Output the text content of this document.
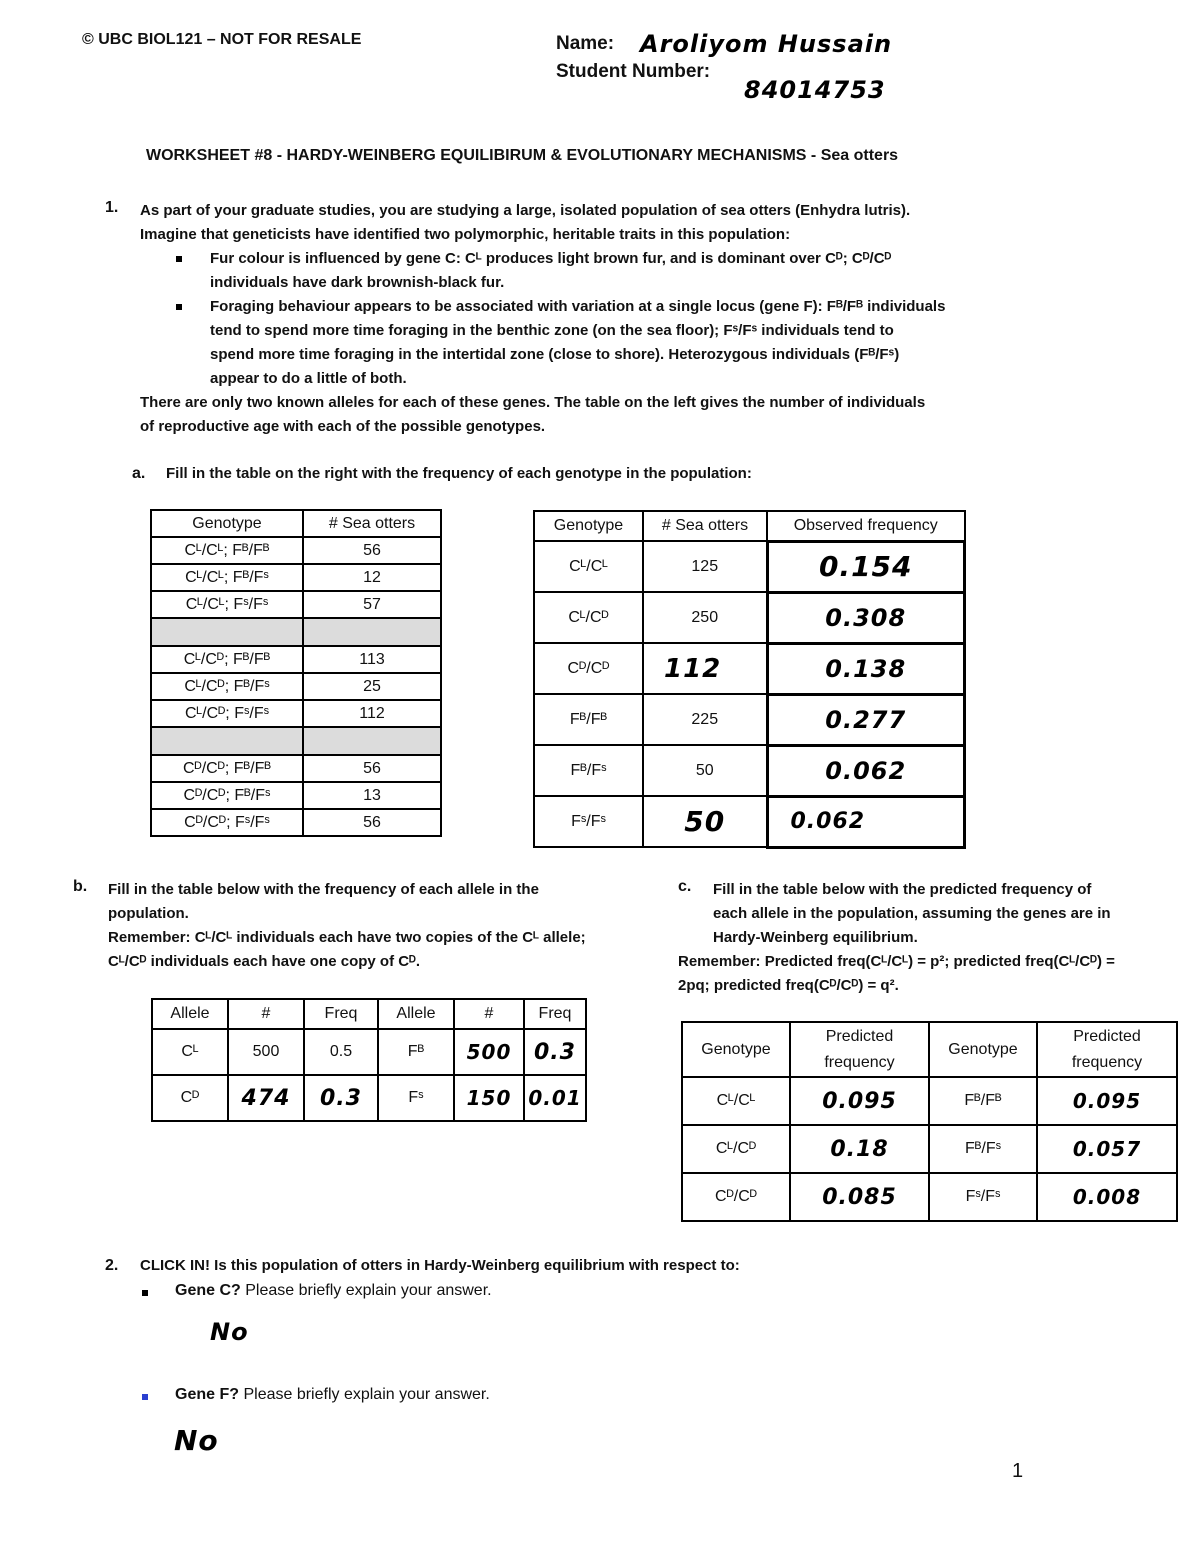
© UBC BIOL121 – NOT FOR RESALE	Name: Aroliyom Hussain
Student Number:
84014753
WORKSHEET #8 - HARDY-WEINBERG EQUILIBIRUM & EVOLUTIONARY MECHANISMS - Sea otters
1. As part of your graduate studies, you are studying a large, isolated population of sea otters (Enhydra lutris).
Imagine that geneticists have identified two polymorphic, heritable traits in this population:
Fur colour is influenced by gene C: Cᴸ produces light brown fur, and is dominant over Cᴰ; Cᴰ/Cᴰ
individuals have dark brownish-black fur.
Foraging behaviour appears to be associated with variation at a single locus (gene F): Fᴮ/Fᴮ individuals
tend to spend more time foraging in the benthic zone (on the sea floor); Fˢ/Fˢ individuals tend to
spend more time foraging in the intertidal zone (close to shore). Heterozygous individuals (Fᴮ/Fˢ)
appear to do a little of both.
There are only two known alleles for each of these genes. The table on the left gives the number of individuals
of reproductive age with each of the possible genotypes.
a. Fill in the table on the right with the frequency of each genotype in the population:
Genotype	# Sea otters
Cᴸ/Cᴸ; Fᴮ/Fᴮ	56
Cᴸ/Cᴸ; Fᴮ/Fˢ	12
Cᴸ/Cᴸ; Fˢ/Fˢ	57

Cᴸ/Cᴰ; Fᴮ/Fᴮ	113
Cᴸ/Cᴰ; Fᴮ/Fˢ	25
Cᴸ/Cᴰ; Fˢ/Fˢ	112

Cᴰ/Cᴰ; Fᴮ/Fᴮ	56
Cᴰ/Cᴰ; Fᴮ/Fˢ	13
Cᴰ/Cᴰ; Fˢ/Fˢ	56
Genotype	# Sea otters	Observed frequency
Cᴸ/Cᴸ	125	0.154
Cᴸ/Cᴰ	250	0.308
Cᴰ/Cᴰ	112	0.138
Fᴮ/Fᴮ	225	0.277
Fᴮ/Fˢ	50	0.062
Fˢ/Fˢ	50	0.062
b. Fill in the table below with the frequency of each allele in the
population.
Remember: Cᴸ/Cᴸ individuals each have two copies of the Cᴸ allele;
Cᴸ/Cᴰ individuals each have one copy of Cᴰ.
Allele	#	Freq	Allele	#	Freq
Cᴸ	500	0.5	Fᴮ	500	0.3
Cᴰ	474	0.3	Fˢ	150	0.01
c. Fill in the table below with the predicted frequency of
each allele in the population, assuming the genes are in
Hardy-Weinberg equilibrium.
Remember: Predicted freq(Cᴸ/Cᴸ) = p²; predicted freq(Cᴸ/Cᴰ) =
2pq; predicted freq(Cᴰ/Cᴰ) = q².
Genotype	Predicted frequency	Genotype	Predicted frequency
Cᴸ/Cᴸ	0.095	Fᴮ/Fᴮ	0.095
Cᴸ/Cᴰ	0.18	Fᴮ/Fˢ	0.057
Cᴰ/Cᴰ	0.085	Fˢ/Fˢ	0.008
2. CLICK IN! Is this population of otters in Hardy-Weinberg equilibrium with respect to:
Gene C? Please briefly explain your answer.
No
Gene F? Please briefly explain your answer.
No
1
